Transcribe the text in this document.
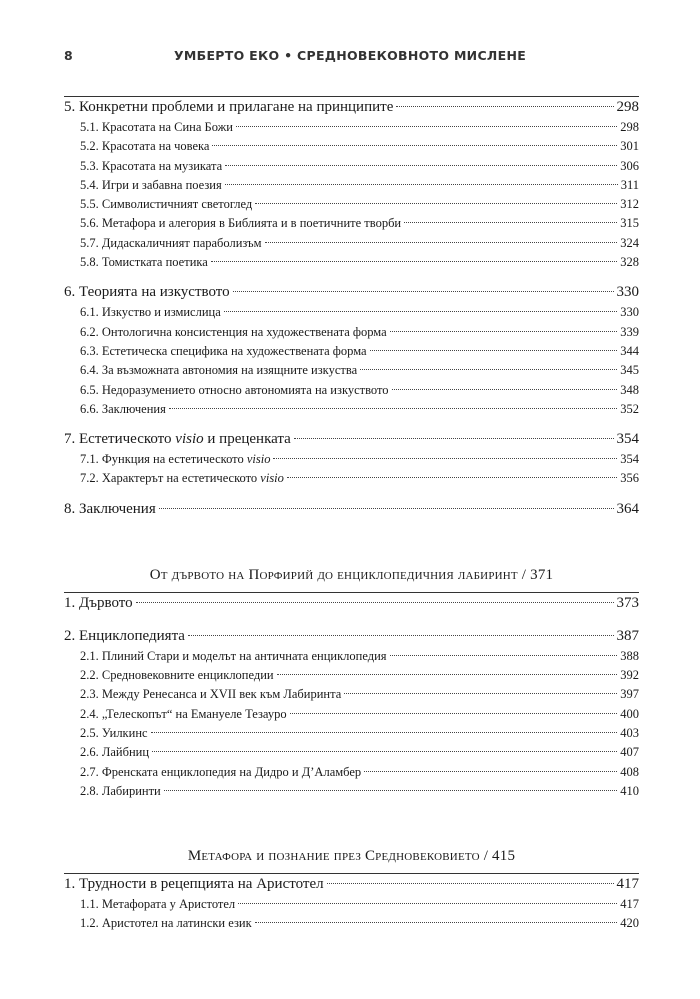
8	УМБЕРТО ЕКО • СРЕДНОВЕКОВНОТО МИСЛЕНЕ
5. Конкретни проблеми и прилагане на принципите	298
5.1. Красотата на Сина Божи	298
5.2. Красотата на човека	301
5.3. Красотата на музиката	306
5.4. Игри и забавна поезия	311
5.5. Символистичният светоглед	312
5.6. Метафора и алегория в Библията и в поетичните творби	315
5.7. Дидаскаличният параболизъм	324
5.8. Томистката поетика	328
6. Теорията на изкуството	330
6.1. Изкуство и измислица	330
6.2. Онтологична консистенция на художествената форма	339
6.3. Естетическа специфика на художествената форма	344
6.4. За възможната автономия на изящните изкуства	345
6.5. Недоразумението относно автономията на изкуството	348
6.6. Заключения	352
7. Естетическото visio и преценката	354
7.1. Функция на естетическото visio	354
7.2. Характерът на естетическото visio	356
8. Заключения	364
От дървото на Порфирий до енциклопедичния лабиринт / 371
1. Дървото	373
2. Енциклопедията	387
2.1. Плиний Стари и моделът на античната енциклопедия	388
2.2. Средновековните енциклопедии	392
2.3. Между Ренесанса и XVII век към Лабиринта	397
2.4. „Телескопът“ на Емануеле Тезауро	400
2.5. Уилкинс	403
2.6. Лайбниц	407
2.7. Френската енциклопедия на Дидро и Д’Аламбер	408
2.8. Лабиринти	410
Метафора и познание през Средновековието / 415
1. Трудности в рецепцията на Аристотел	417
1.1. Метафората у Аристотел	417
1.2. Аристотел на латински език	420
